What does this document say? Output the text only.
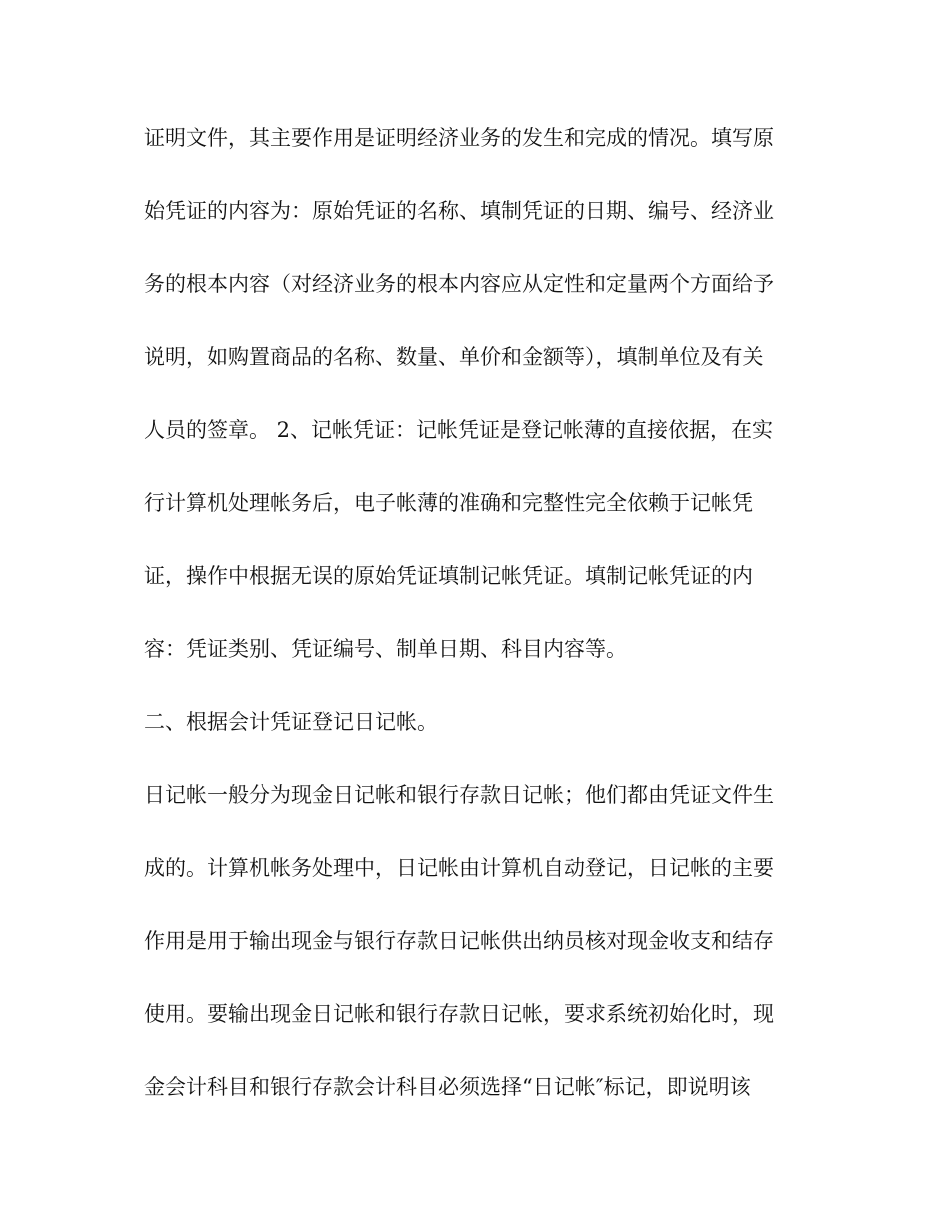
证明文件，其主要作用是证明经济业务的发生和完成的情况。填写原
始凭证的内容为：原始凭证的名称、填制凭证的日期、编号、经济业
务的根本内容（对经济业务的根本内容应从定性和定量两个方面给予
说明，如购置商品的名称、数量、单价和金额等），填制单位及有关
人员的签章。 2、记帐凭证：记帐凭证是登记帐薄的直接依据，在实
行计算机处理帐务后，电子帐薄的准确和完整性完全依赖于记帐凭
证，操作中根据无误的原始凭证填制记帐凭证。填制记帐凭证的内
容：凭证类别、凭证编号、制单日期、科目内容等。
二、根据会计凭证登记日记帐。
日记帐一般分为现金日记帐和银行存款日记帐；他们都由凭证文件生
成的。计算机帐务处理中，日记帐由计算机自动登记，日记帐的主要
作用是用于输出现金与银行存款日记帐供出纳员核对现金收支和结存
使用。要输出现金日记帐和银行存款日记帐，要求系统初始化时，现
金会计科目和银行存款会计科目必须选择“日记帐″标记，即说明该
